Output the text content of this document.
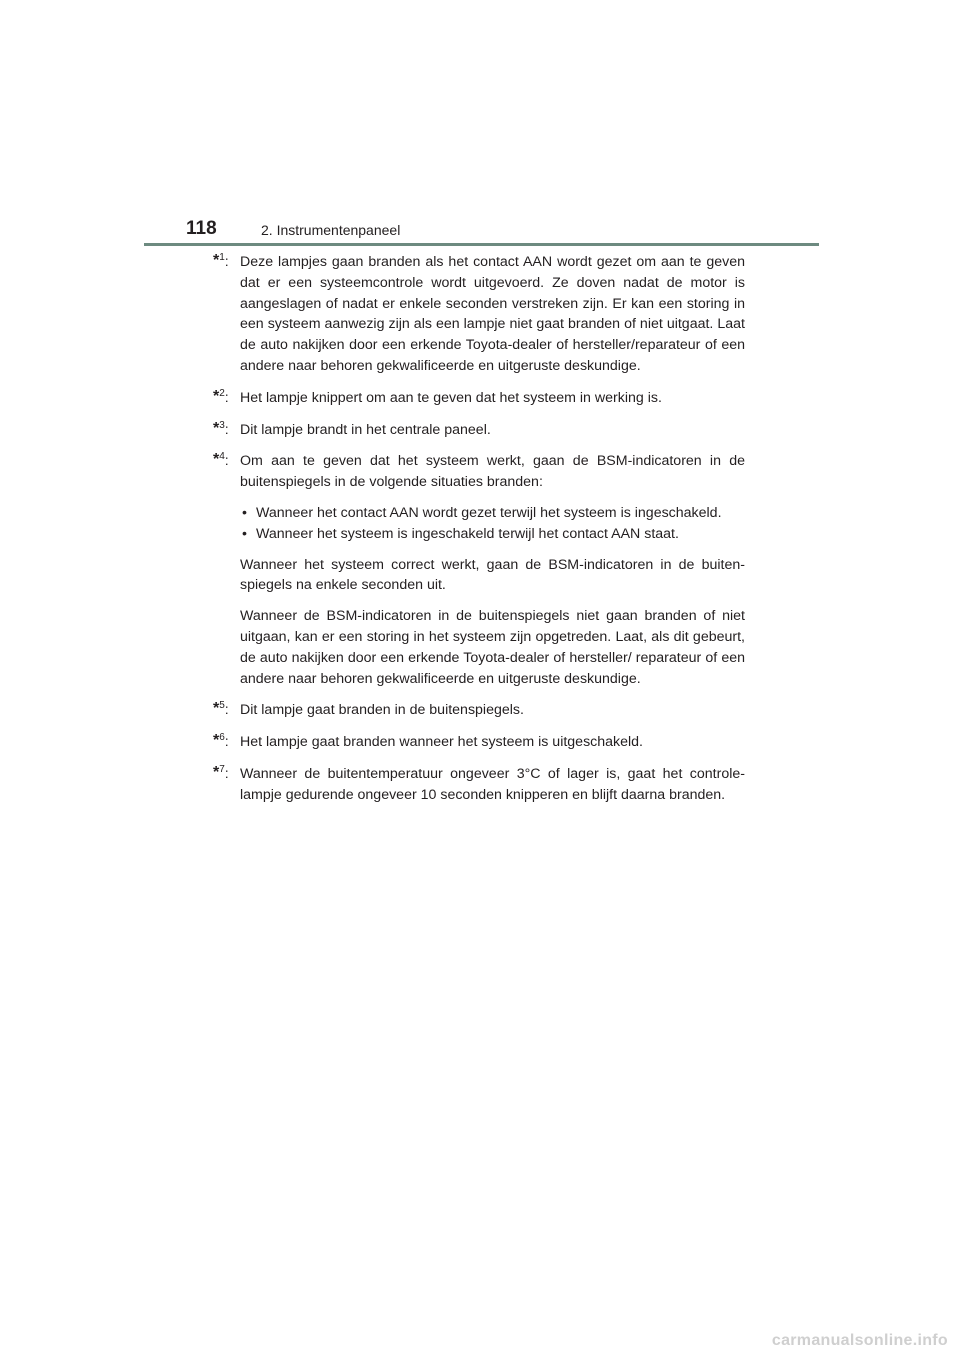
118	2. Instrumentenpaneel
*$^1$: Deze lampjes gaan branden als het contact AAN wordt gezet om aan te geven dat er een systeemcontrole wordt uitgevoerd. Ze doven nadat de motor is aangeslagen of nadat er enkele seconden verstreken zijn. Er kan een storing in een systeem aanwezig zijn als een lampje niet gaat branden of niet uitgaat. Laat de auto nakijken door een erkende Toyota-dealer of hersteller/reparateur of een andere naar behoren gekwalificeerde en uitgeruste deskundige.

*$^2$: Het lampje knippert om aan te geven dat het systeem in werking is.

*$^3$: Dit lampje brandt in het centrale paneel.

*$^4$: Om aan te geven dat het systeem werkt, gaan de BSM-indicatoren in de buitenspiegels in de volgende situaties branden:

• Wanneer het contact AAN wordt gezet terwijl het systeem is ingeschakeld.
• Wanneer het systeem is ingeschakeld terwijl het contact AAN staat.

Wanneer het systeem correct werkt, gaan de BSM-indicatoren in de buitenspiegels na enkele seconden uit.

Wanneer de BSM-indicatoren in de buitenspiegels niet gaan branden of niet uitgaan, kan er een storing in het systeem zijn opgetreden. Laat, als dit gebeurt, de auto nakijken door een erkende Toyota-dealer of hersteller/ reparateur of een andere naar behoren gekwalificeerde en uitgeruste deskundige.

*$^5$: Dit lampje gaat branden in de buitenspiegels.

*$^6$: Het lampje gaat branden wanneer het systeem is uitgeschakeld.

*$^7$: Wanneer de buitentemperatuur ongeveer 3°C of lager is, gaat het controlelampje gedurende ongeveer 10 seconden knipperen en blijft daarna branden.

carmanualsonline.info
